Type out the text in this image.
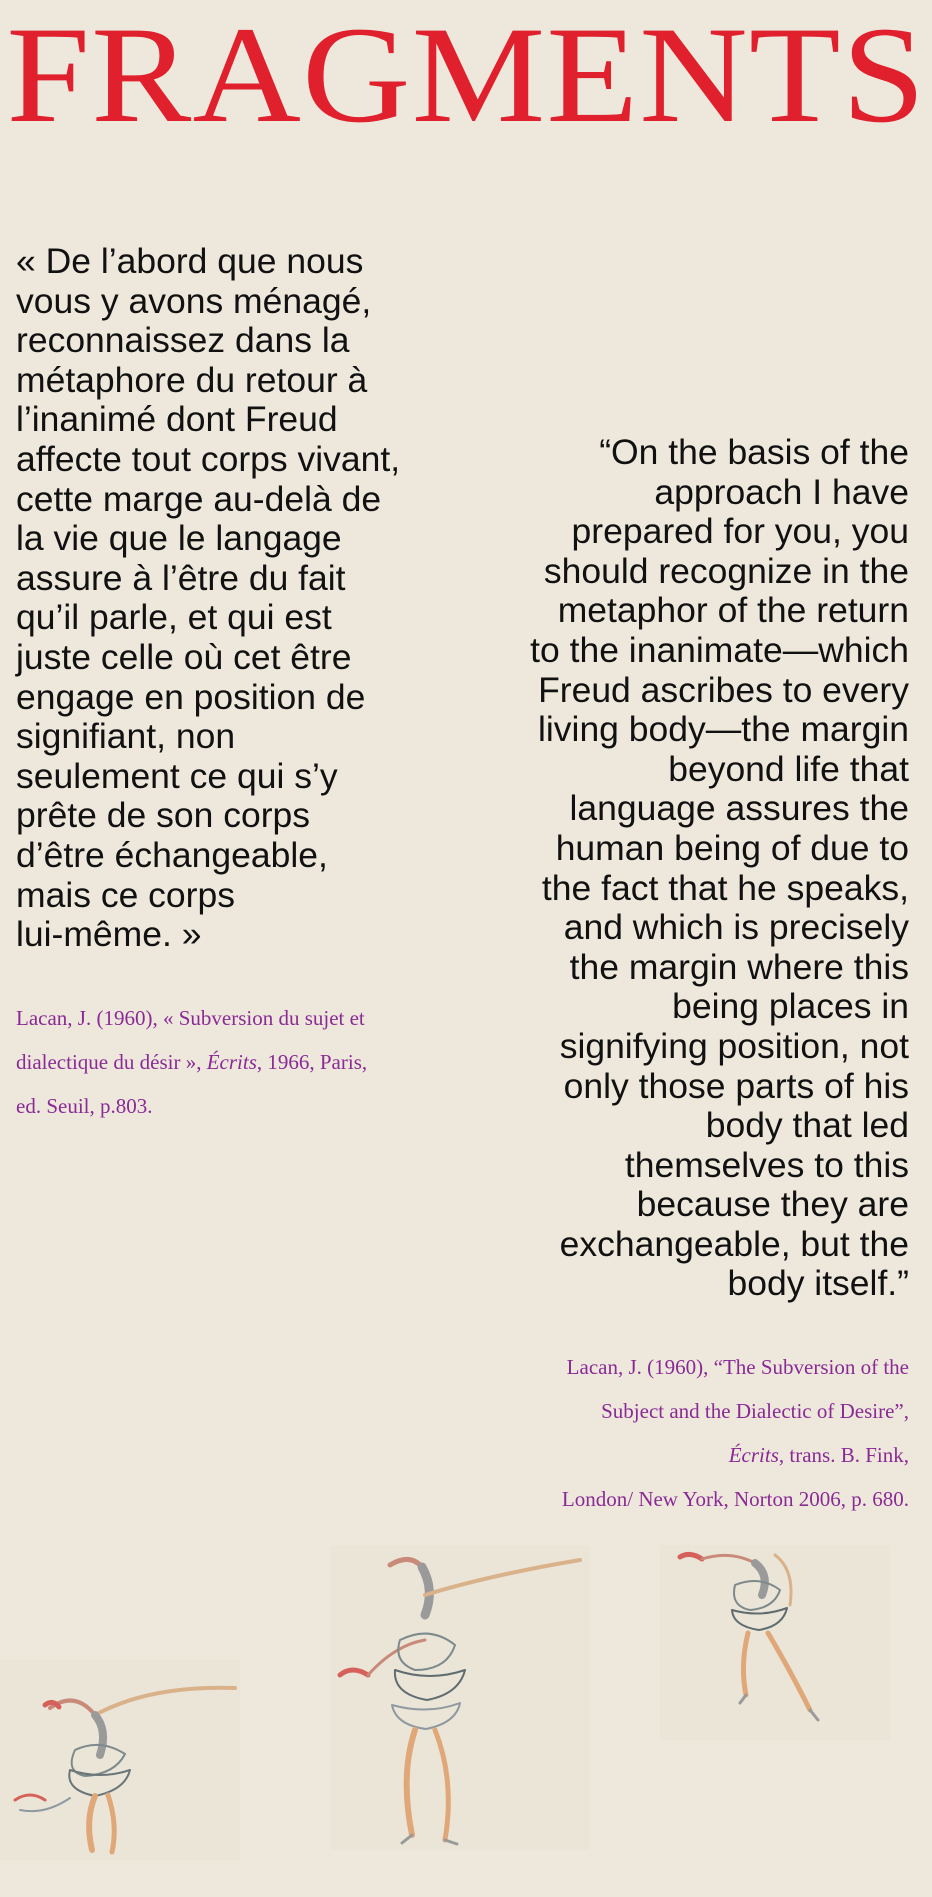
FRAGMENTS

« De l’abord que nous
vous y avons ménagé,
reconnaissez dans la
métaphore du retour à
l’inanimé dont Freud
affecte tout corps vivant,
cette marge au-delà de
la vie que le langage
assure à l’être du fait
qu’il parle, et qui est
juste celle où cet être
engage en position de
signifiant, non
seulement ce qui s’y
prête de son corps
d’être échangeable,
mais ce corps
lui-même. »

Lacan, J. (1960), « Subversion du sujet et
dialectique du désir », Écrits, 1966, Paris,
ed. Seuil, p.803.

“On the basis of the
approach I have
prepared for you, you
should recognize in the
metaphor of the return
to the inanimate—which
Freud ascribes to every
living body—the margin
beyond life that
language assures the
human being of due to
the fact that he speaks,
and which is precisely
the margin where this
being places in
signifying position, not
only those parts of his
body that led
themselves to this
because they are
exchangeable, but the
body itself.”

Lacan, J. (1960), “The Subversion of the
Subject and the Dialectic of Desire”,
Écrits, trans. B. Fink,
London/ New York, Norton 2006, p. 680.
